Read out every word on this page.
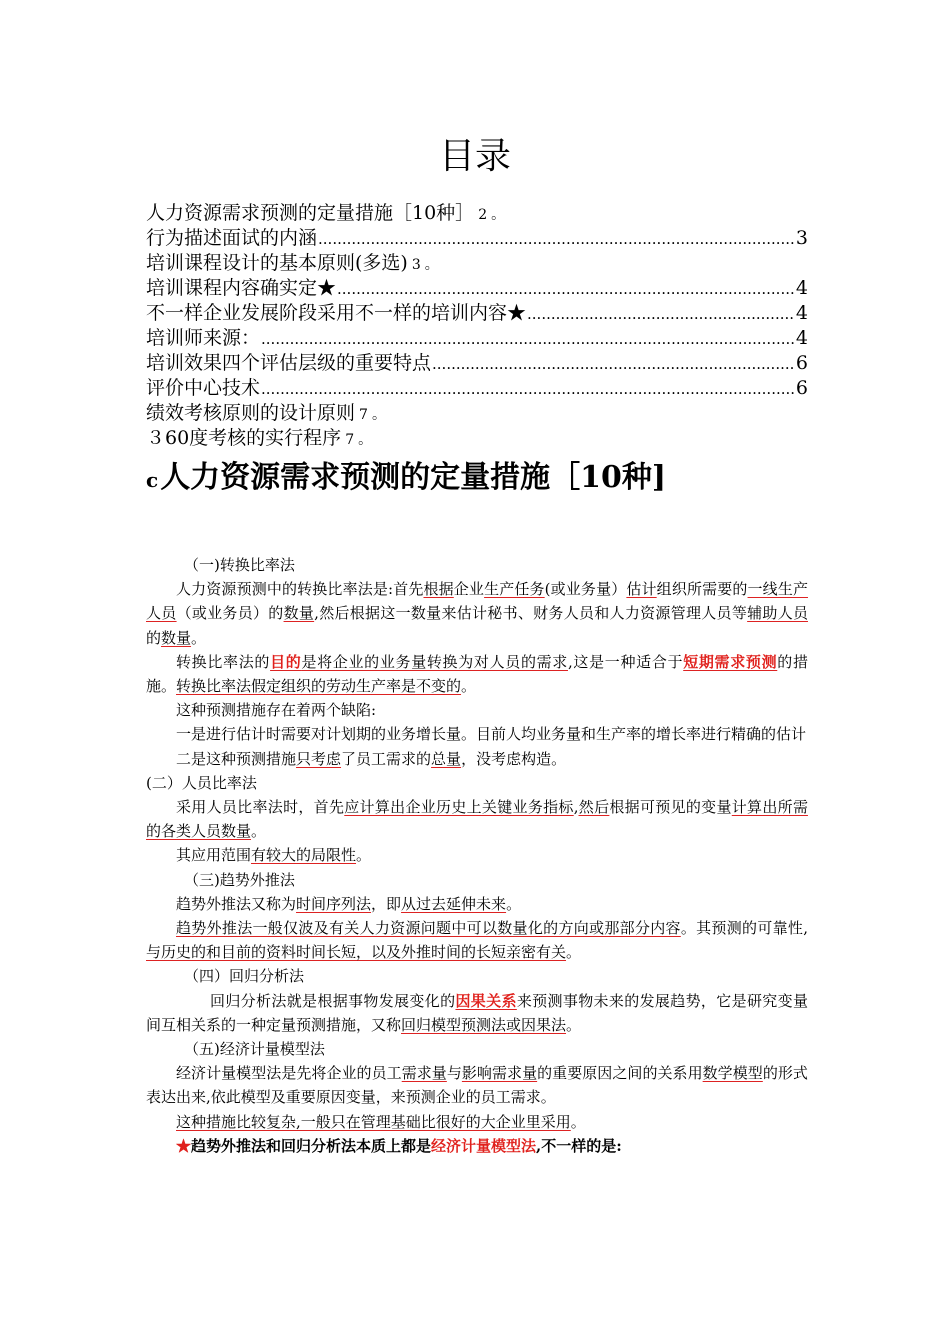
目录
人力资源需求预测的定量措施［10种］ 2 。
行为描述面试的内涵 .....	3
培训课程设计的基本原则(多选) 3 。
培训课程内容确实定★ .....	4
不一样企业发展阶段采用不一样的培训内容★ .....	4
培训师来源： .....	4
培训效果四个评估层级的重要特点 .....	6
评价中心技术 .....	6
绩效考核原则的设计原则 7 。
３60度考核的实行程序 7 。
c人力资源需求预测的定量措施［10种]

（一)转换比率法

人力资源预测中的转换比率法是:首先根据企业生产任务(或业务量）估计组织所需要的一线生产人员（或业务员）的数量,然后根据这一数量来估计秘书、财务人员和人力资源管理人员等辅助人员的数量。

转换比率法的目的是将企业的业务量转换为对人员的需求,这是一种适合于短期需求预测的措施。转换比率法假定组织的劳动生产率是不变的。

这种预测措施存在着两个缺陷:

一是进行估计时需要对计划期的业务增长量。目前人均业务量和生产率的增长率进行精确的估计

二是这种预测措施只考虑了员工需求的总量，没考虑构造。

(二）人员比率法

采用人员比率法时，首先应计算出企业历史上关键业务指标,然后根据可预见的变量计算出所需的各类人员数量。

其应用范围有较大的局限性。

（三)趋势外推法

趋势外推法又称为时间序列法，即从过去延伸未来。

趋势外推法一般仅波及有关人力资源问题中可以数量化的方向或那部分内容。其预测的可靠性,与历史的和目前的资料时间长短，以及外推时间的长短亲密有关。

（四）回归分析法

回归分析法就是根据事物发展变化的因果关系来预测事物未来的发展趋势，它是研究变量间互相关系的一种定量预测措施，又称回归模型预测法或因果法。

（五)经济计量模型法

经济计量模型法是先将企业的员工需求量与影响需求量的重要原因之间的关系用数学模型的形式表达出来,依此模型及重要原因变量，来预测企业的员工需求。

这种措施比较复杂,一般只在管理基础比很好的大企业里采用。

★趋势外推法和回归分析法本质上都是经济计量模型法,不一样的是:
